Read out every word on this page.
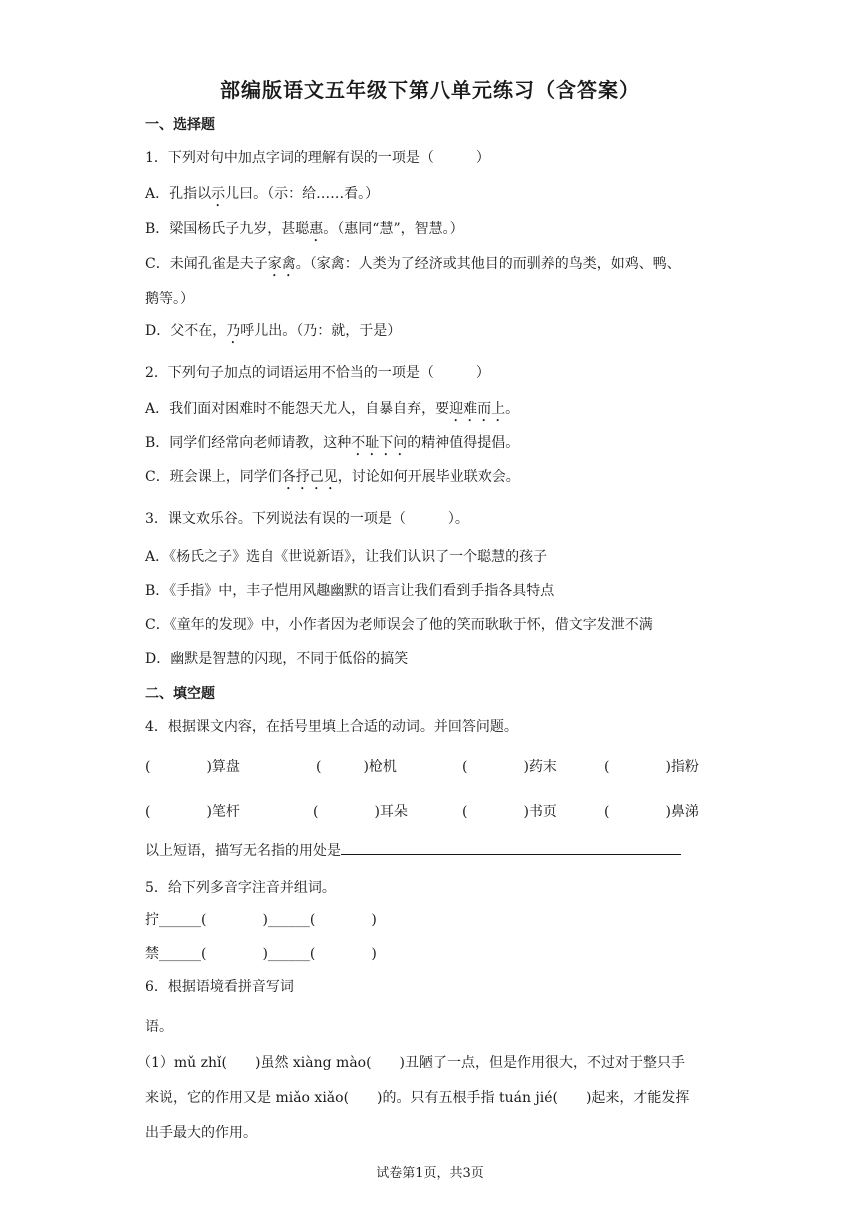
部编版语文五年级下第八单元练习（含答案）
一、选择题
1．下列对句中加点字词的理解有误的一项是（　　　）
A．孔指以示儿曰。（示：给……看。）
B．梁国杨氏子九岁，甚聪惠。（惠同“慧”，智慧。）
C．未闻孔雀是夫子家禽。（家禽：人类为了经济或其他目的而驯养的鸟类，如鸡、鸭、
鹅等。）
D．父不在，乃呼儿出。（乃：就，于是）
2．下列句子加点的词语运用不恰当的一项是（　　　）
A．我们面对困难时不能怨天尤人，自暴自弃，要迎难而上。
B．同学们经常向老师请教，这种不耻下问的精神值得提倡。
C．班会课上，同学们各抒己见，讨论如何开展毕业联欢会。
3．课文欢乐谷。下列说法有误的一项是（　　　）。
A．《杨氏之子》选自《世说新语》，让我们认识了一个聪慧的孩子
B．《手指》中，丰子恺用风趣幽默的语言让我们看到手指各具特点
C．《童年的发现》中，小作者因为老师误会了他的笑而耿耿于怀，借文字发泄不满
D．幽默是智慧的闪现，不同于低俗的搞笑
二、填空题
4．根据课文内容，在括号里填上合适的动词。并回答问题。
(　　　　)算盘	(　　　)枪机	(　　　　)药末	(　　　　)指粉
(　　　　)笔杆	(　　　　)耳朵	(　　　　)书页	(　　　　)鼻涕
以上短语，描写无名指的用处是
5．给下列多音字注音并组词。
拧______(　　　　)______(　　　　)
禁______(　　　　)______(　　　　)
6．根据语境看拼音写词
语。
（1）mǔ zhǐ(　　)虽然 xiàng mào(　　)丑陋了一点，但是作用很大，不过对于整只手
来说，它的作用又是 miǎo xiǎo(　　)的。只有五根手指 tuán jié(　　)起来，才能发挥
出手最大的作用。
试卷第1页，共3页
